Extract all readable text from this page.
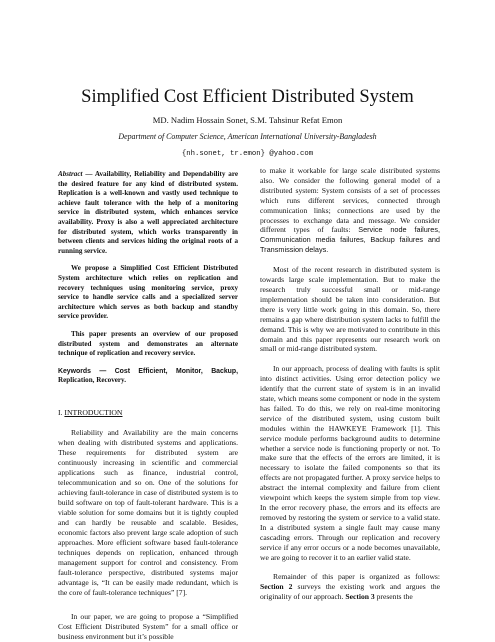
Simplified Cost Efficient Distributed System
MD. Nadim Hossain Sonet, S.M. Tahsinur Refat Emon
Department of Computer Science, American International University-Bangladesh
{nh.sonet, tr.emon} @yahoo.com

Abstract — Availability, Reliability and Dependability are the desired feature for any kind of distributed system. Replication is a well-known and vastly used technique to achieve fault tolerance with the help of a monitoring service in distributed system, which enhances service availability. Proxy is also a well appreciated architecture for distributed system, which works transparently in between clients and services hiding the original roots of a running service.

We propose a Simplified Cost Efficient Distributed System architecture which relies on replication and recovery techniques using monitoring service, proxy service to handle service calls and a specialized server architecture which serves as both backup and standby service provider.

This paper presents an overview of our proposed distributed system and demonstrates an alternate technique of replication and recovery service.

Keywords — Cost Efficient, Monitor, Backup, Replication, Recovery.

I. INTRODUCTION

Reliability and Availability are the main concerns when dealing with distributed systems and applications. These requirements for distributed system are continuously increasing in scientific and commercial applications such as finance, industrial control, telecommunication and so on. One of the solutions for achieving fault-tolerance in case of distributed system is to build software on top of fault-tolerant hardware. This is a viable solution for some domains but it is tightly coupled and can hardly be reusable and scalable. Besides, economic factors also prevent large scale adoption of such approaches. More efficient software based fault-tolerance techniques depends on replication, enhanced through management support for control and consistency. From fault-tolerance perspective, distributed systems major advantage is, “It can be easily made redundant, which is the core of fault-tolerance techniques” [7].

In our paper, we are going to propose a “Simplified Cost Efficient Distributed System” for a small office or business environment but it’s possible

to make it workable for large scale distributed systems also. We consider the following general model of a distributed system: System consists of a set of processes which runs different services, connected through communication links; connections are used by the processes to exchange data and message. We consider different types of faults: Service node failures, Communication media failures, Backup failures and Transmission delays.

Most of the recent research in distributed system is towards large scale implementation. But to make the research truly successful small or mid-range implementation should be taken into consideration. But there is very little work going in this domain. So, there remains a gap where distribution system lacks to fulfill the demand. This is why we are motivated to contribute in this domain and this paper represents our research work on small or mid-range distributed system.

In our approach, process of dealing with faults is split into distinct activities. Using error detection policy we identify that the current state of system is in an invalid state, which means some component or node in the system has failed. To do this, we rely on real-time monitoring service of the distributed system, using custom built modules within the HAWKEYE Framework [1]. This service module performs background audits to determine whether a service node is functioning properly or not. To make sure that the effects of the errors are limited, it is necessary to isolate the failed components so that its effects are not propagated further. A proxy service helps to abstract the internal complexity and failure from client viewpoint which keeps the system simple from top view. In the error recovery phase, the errors and its effects are removed by restoring the system or service to a valid state. In a distributed system a single fault may cause many cascading errors. Through our replication and recovery service if any error occurs or a node becomes unavailable, we are going to recover it to an earlier valid state.

Remainder of this paper is organized as follows: Section 2 surveys the existing work and argues the originality of our approach. Section 3 presents the
